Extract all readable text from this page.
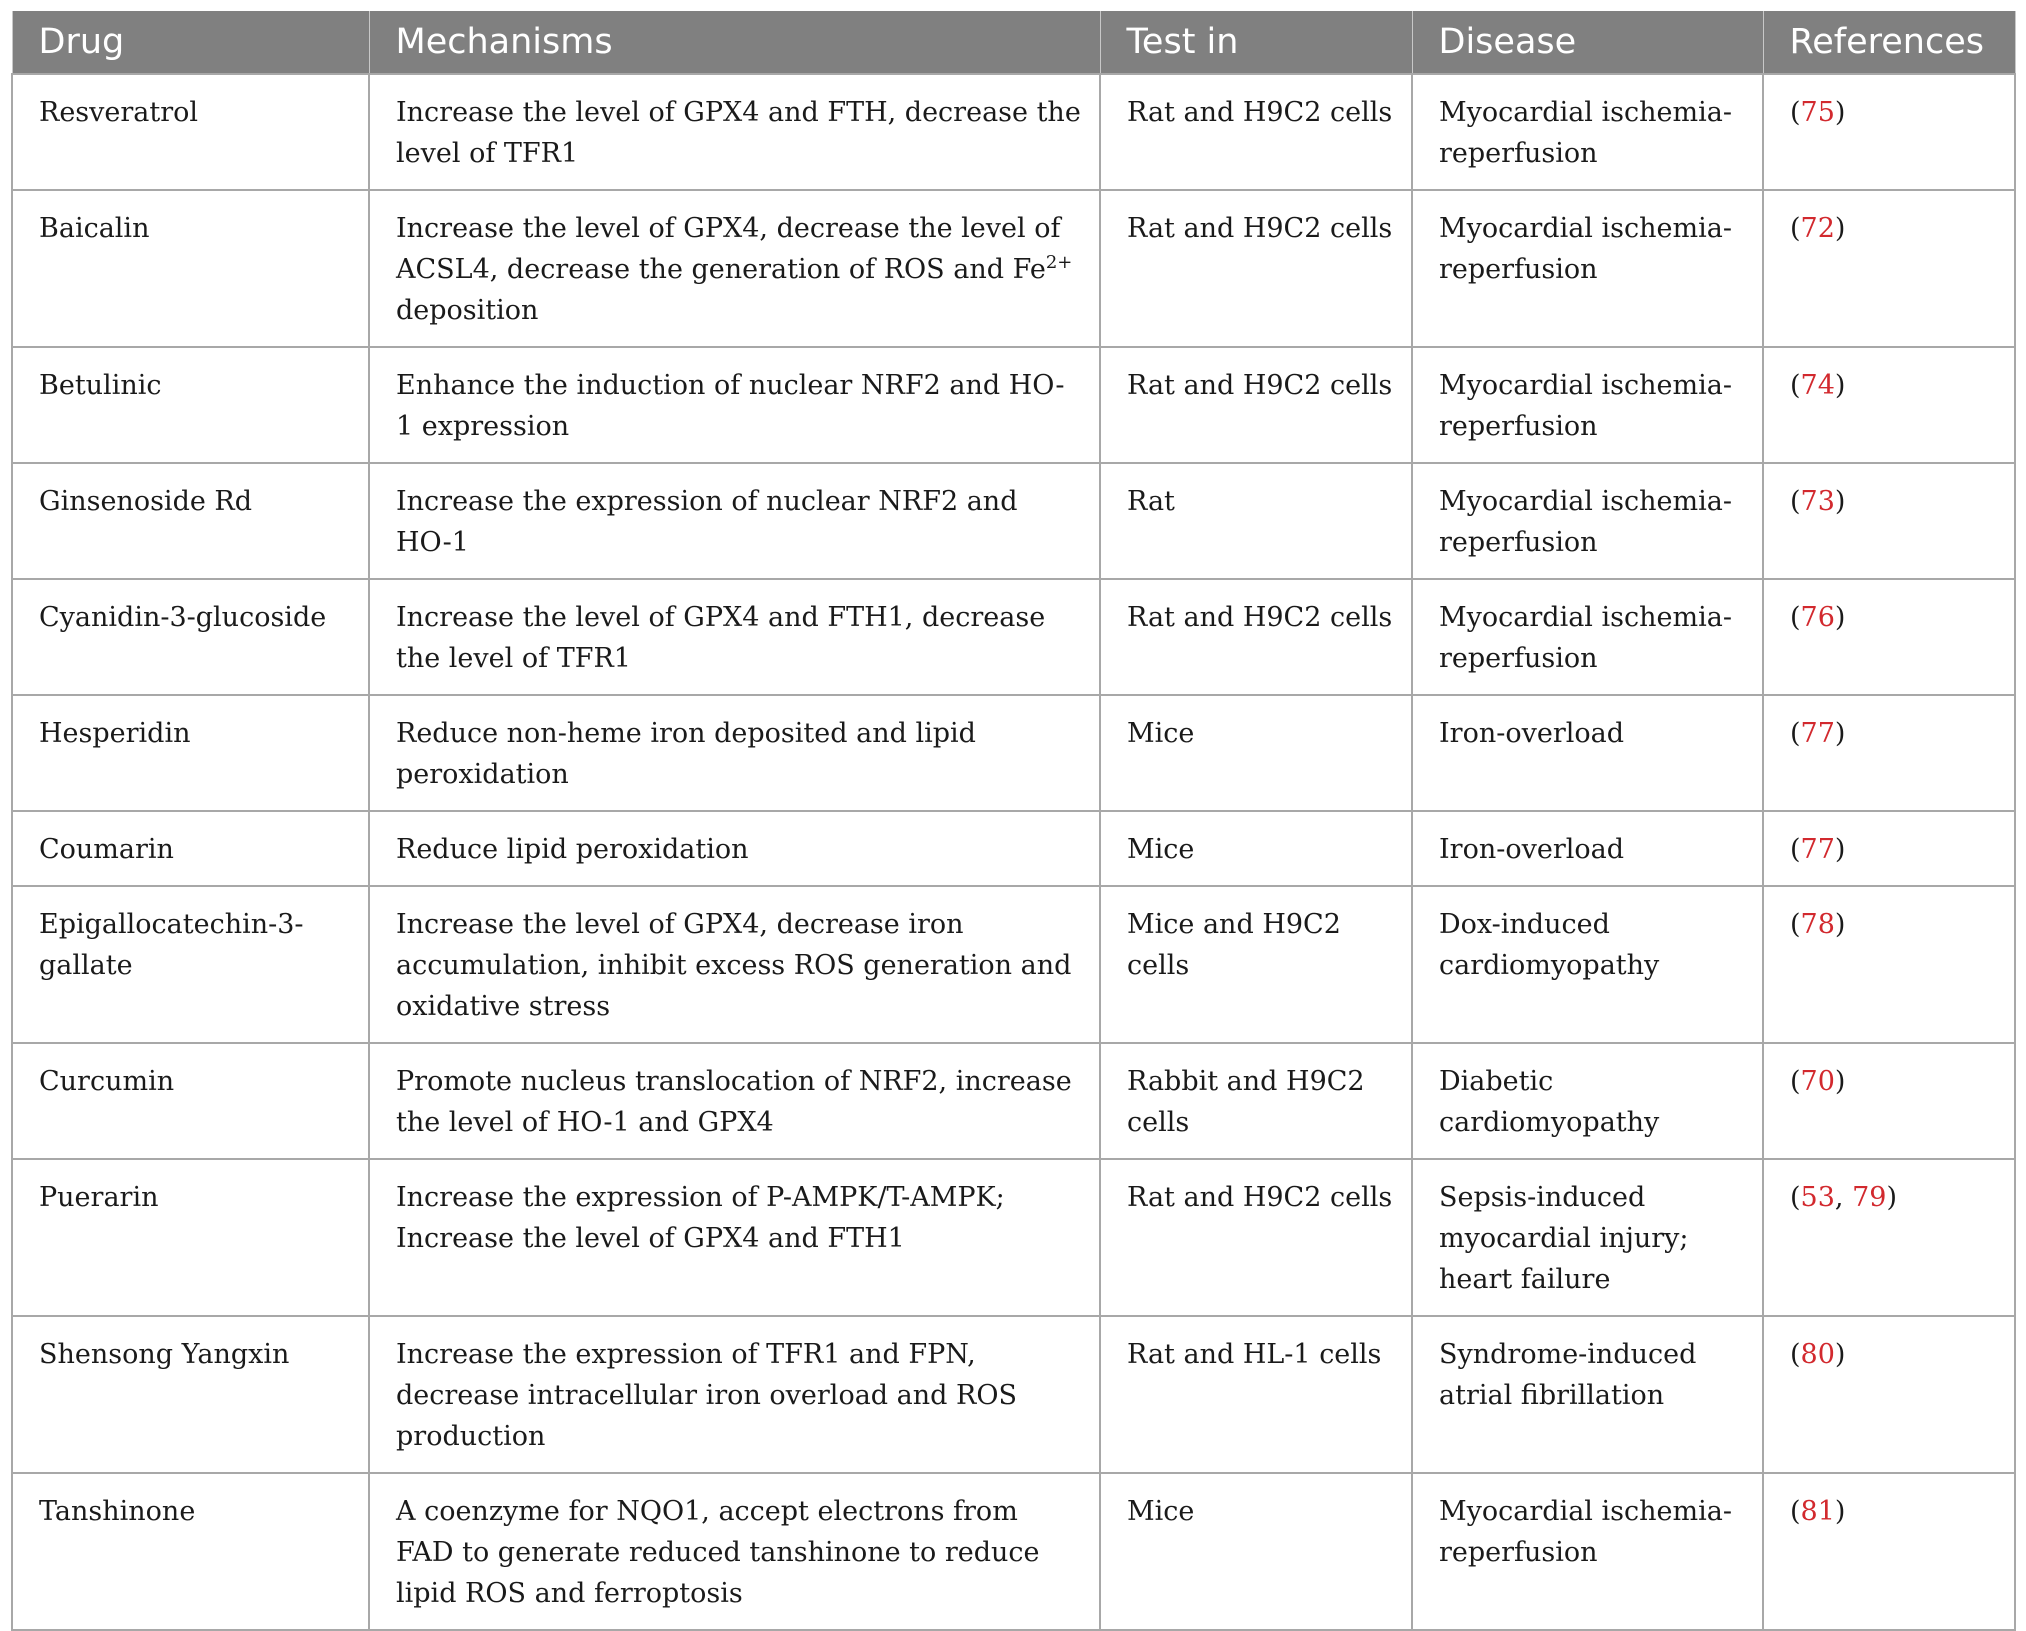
Drug	Mechanisms	Test in	Disease	References
Resveratrol	Increase the level of GPX4 and FTH, decrease the level of TFR1	Rat and H9C2 cells	Myocardial ischemia-reperfusion	(75)
Baicalin	Increase the level of GPX4, decrease the level of ACSL4, decrease the generation of ROS and $Fe^{2+}$ deposition	Rat and H9C2 cells	Myocardial ischemia-reperfusion	(72)
Betulinic	Enhance the induction of nuclear NRF2 and HO-1 expression	Rat and H9C2 cells	Myocardial ischemia-reperfusion	(74)
Ginsenoside Rd	Increase the expression of nuclear NRF2 and HO-1	Rat	Myocardial ischemia-reperfusion	(73)
Cyanidin-3-glucoside	Increase the level of GPX4 and FTH1, decrease the level of TFR1	Rat and H9C2 cells	Myocardial ischemia-reperfusion	(76)
Hesperidin	Reduce non-heme iron deposited and lipid peroxidation	Mice	Iron-overload	(77)
Coumarin	Reduce lipid peroxidation	Mice	Iron-overload	(77)
Epigallocatechin-3-gallate	Increase the level of GPX4, decrease iron accumulation, inhibit excess ROS generation and oxidative stress	Mice and H9C2 cells	Dox-induced cardiomyopathy	(78)
Curcumin	Promote nucleus translocation of NRF2, increase the level of HO-1 and GPX4	Rabbit and H9C2 cells	Diabetic cardiomyopathy	(70)
Puerarin	Increase the expression of P-AMPK/T-AMPK; Increase the level of GPX4 and FTH1	Rat and H9C2 cells	Sepsis-induced myocardial injury; heart failure	(53, 79)
Shensong Yangxin	Increase the expression of TFR1 and FPN, decrease intracellular iron overload and ROS production	Rat and HL-1 cells	Syndrome-induced atrial fibrillation	(80)
Tanshinone	A coenzyme for NQO1, accept electrons from FAD to generate reduced tanshinone to reduce lipid ROS and ferroptosis	Mice	Myocardial ischemia-reperfusion	(81)
